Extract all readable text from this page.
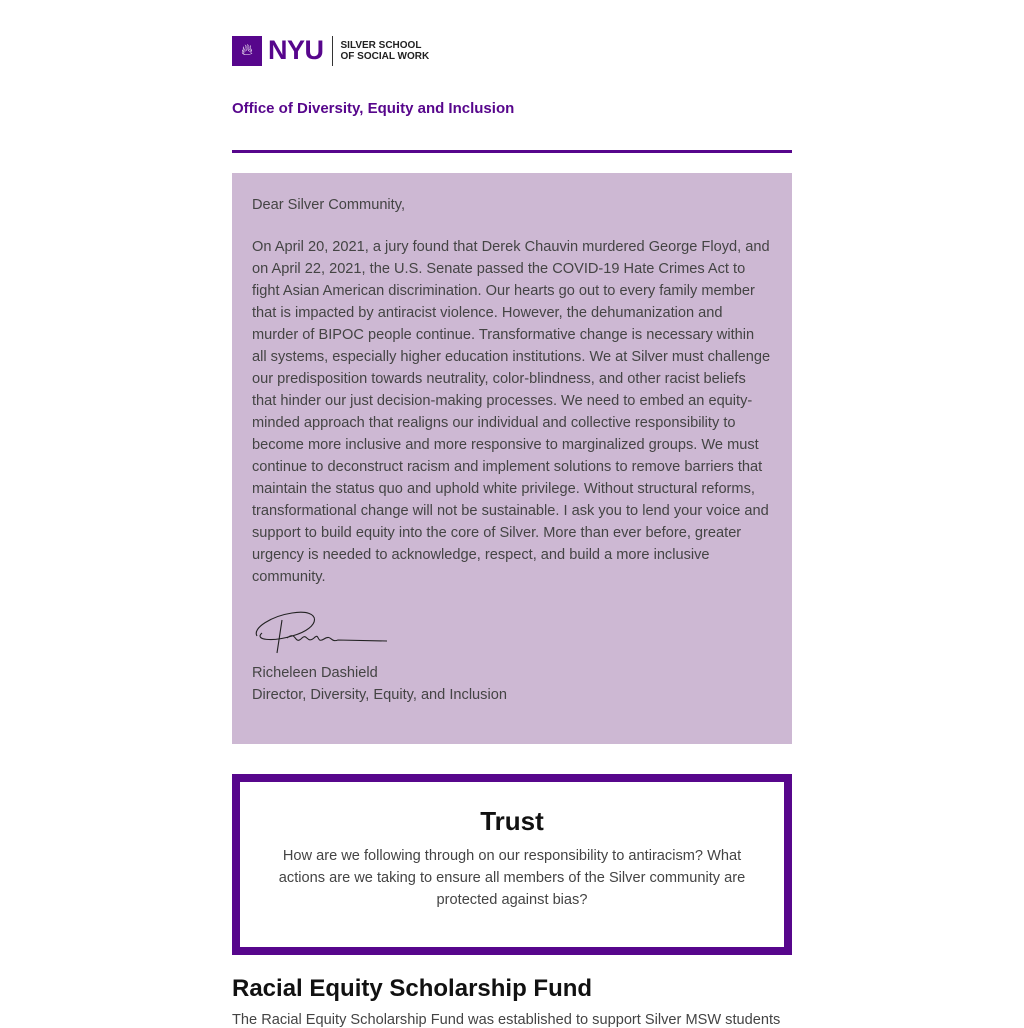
🔥︎ NYU SILVER SCHOOL
OF SOCIAL WORK
Office of Diversity, Equity and Inclusion

Dear Silver Community,

On April 20, 2021, a jury found that Derek Chauvin murdered George Floyd, and on April 22, 2021, the U.S. Senate passed the COVID-19 Hate Crimes Act to fight Asian American discrimination. Our hearts go out to every family member that is impacted by antiracist violence. However, the dehumanization and murder of BIPOC people continue. Transformative change is necessary within all systems, especially higher education institutions. We at Silver must challenge our predisposition towards neutrality, color-blindness, and other racist beliefs that hinder our just decision-making processes. We need to embed an equity-minded approach that realigns our individual and collective responsibility to become more inclusive and more responsive to marginalized groups. We must continue to deconstruct racism and implement solutions to remove barriers that maintain the status quo and uphold white privilege. Without structural reforms, transformational change will not be sustainable. I ask you to lend your voice and support to build equity into the core of Silver. More than ever before, greater urgency is needed to acknowledge, respect, and build a more inclusive community.

Richeleen Dashield

Director, Diversity, Equity, and Inclusion

Trust

How are we following through on our responsibility to antiracism? What actions are we taking to ensure all members of the Silver community are protected against bias?

Racial Equity Scholarship Fund
The Racial Equity Scholarship Fund was established to support Silver MSW students
